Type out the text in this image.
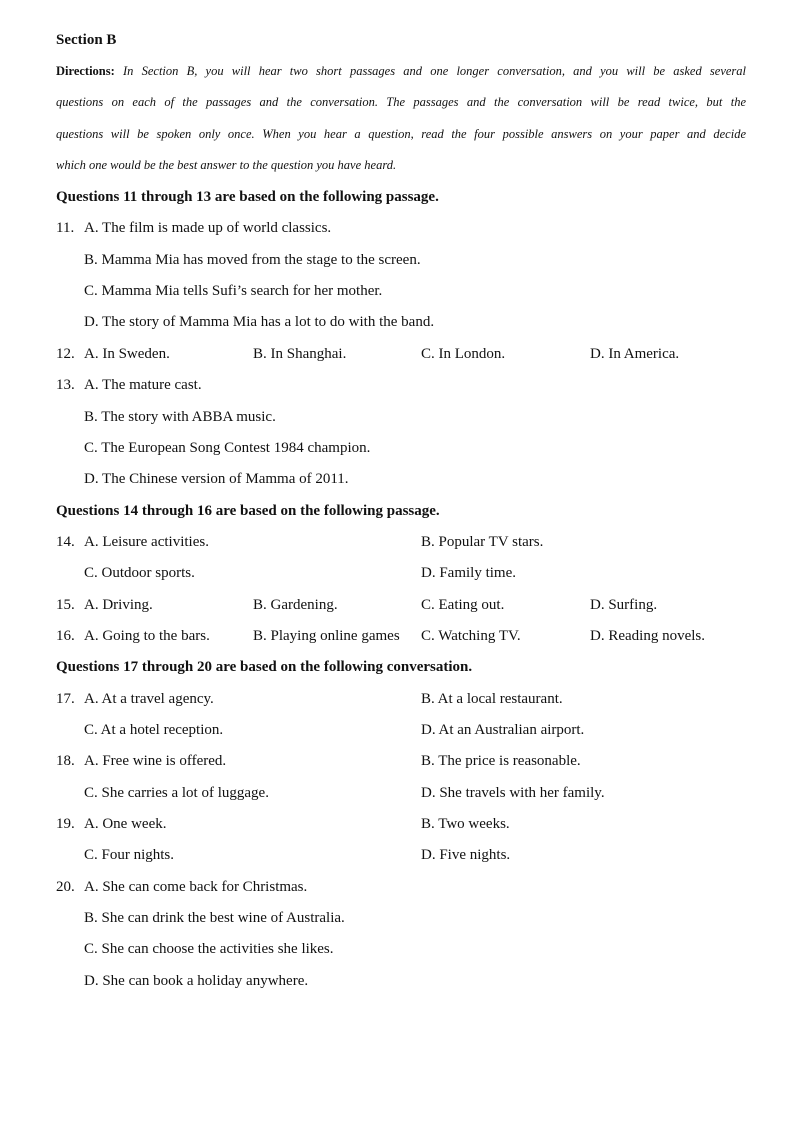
Section B
Directions: In Section B, you will hear two short passages and one longer conversation, and you will be asked several
questions on each of the passages and the conversation. The passages and the conversation will be read twice, but the
questions will be spoken only once. When you hear a question, read the four possible answers on your paper and decide
which one would be the best answer to the question you have heard.
Questions 11 through 13 are based on the following passage.
11. A. The film is made up of world classics.
B. Mamma Mia has moved from the stage to the screen.
C. Mamma Mia tells Sufi’s search for her mother.
D. The story of Mamma Mia has a lot to do with the band.
12. A. In Sweden.	B. In Shanghai.	C. In London.	D. In America.
13. A. The mature cast.
B. The story with ABBA music.
C. The European Song Contest 1984 champion.
D. The Chinese version of Mamma of 2011.
Questions 14 through 16 are based on the following passage.
14. A. Leisure activities.	B. Popular TV stars.
C. Outdoor sports.	D. Family time.
15. A. Driving.	B. Gardening.	C. Eating out.	D. Surfing.
16. A. Going to the bars.	B. Playing online games C. Watching TV.	D. Reading novels.
Questions 17 through 20 are based on the following conversation.
17. A. At a travel agency.	B. At a local restaurant.
C. At a hotel reception.	D. At an Australian airport.
18. A. Free wine is offered.	B. The price is reasonable.
C. She carries a lot of luggage.	D. She travels with her family.
19. A. One week.	B. Two weeks.
C. Four nights.	D. Five nights.
20. A. She can come back for Christmas.
B. She can drink the best wine of Australia.
C. She can choose the activities she likes.
D. She can book a holiday anywhere.
